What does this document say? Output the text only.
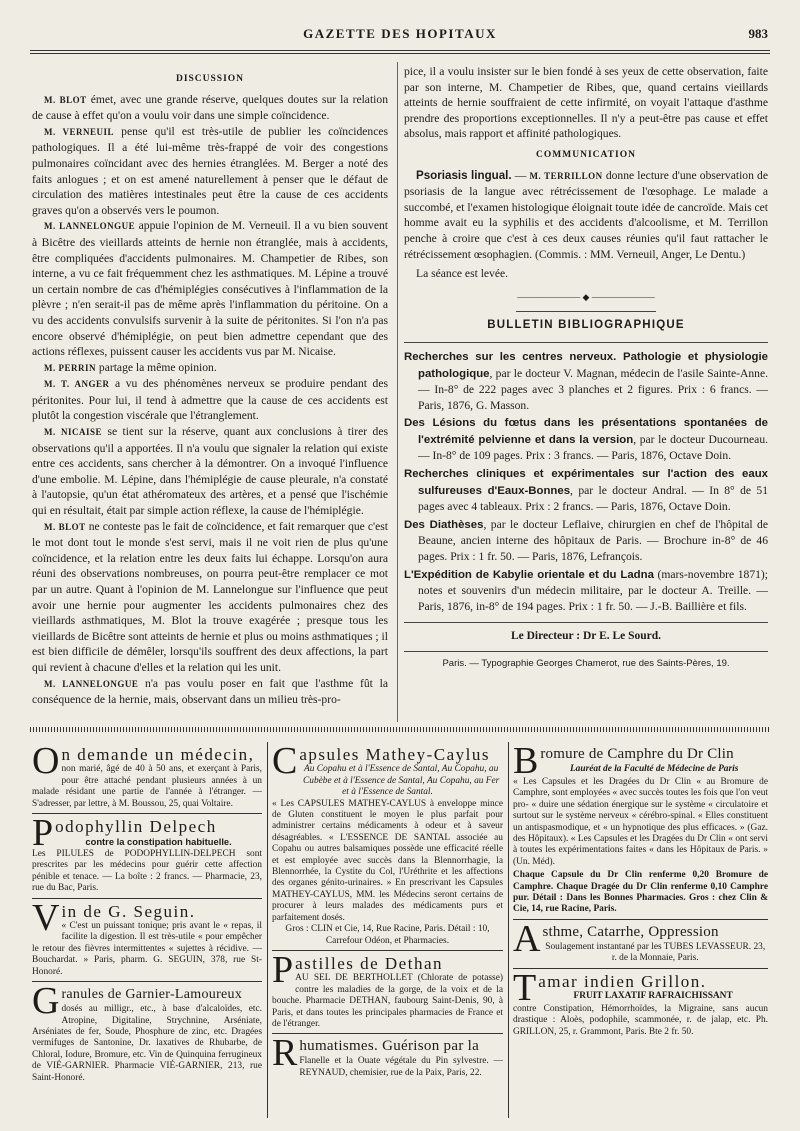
GAZETTE DES HOPITAUX	983
DISCUSSION

M. BLOT émet, avec une grande réserve, quelques doutes sur la relation de cause à effet qu'on a voulu voir dans une simple coïncidence.

M. VERNEUIL pense qu'il est très-utile de publier les coïncidences pathologiques. Il a été lui-même très-frappé de voir des congestions pulmonaires coïncidant avec des hernies étranglées. M. Berger a noté des faits anlogues ; et on est amené naturellement à penser que le défaut de circulation des matières intestinales peut être la cause de ces accidents graves qu'on a observés vers le poumon.

M. LANNELONGUE appuie l'opinion de M. Verneuil. Il a vu bien souvent à Bicêtre des vieillards atteints de hernie non étranglée, mais à accidents, être compliquées d'accidents pulmonaires. M. Champetier de Ribes, son interne, a vu ce fait fréquemment chez les asthmatiques. M. Lépine a trouvé un certain nombre de cas d'hémiplégies consécutives à l'inflammation de la plèvre ; n'en serait-il pas de même après l'inflammation du péritoine. On a vu des accidents convulsifs survenir à la suite de péritonites. Si l'on n'a pas encore observé d'hémiplégie, on peut bien admettre cependant que des actions réflexes, puissent causer les accidents vus par M. Nicaise.

M. PERRIN partage la même opinion.

M. T. ANGER a vu des phénomènes nerveux se produire pendant des péritonites. Pour lui, il tend à admettre que la cause de ces accidents est plutôt la congestion viscérale que l'étranglement.

M. NICAISE se tient sur la réserve, quant aux conclusions à tirer des observations qu'il a apportées. Il n'a voulu que signaler la relation qui existe entre ces accidents, sans chercher à la démontrer. On a invoqué l'influence d'une embolie. M. Lépine, dans l'hémiplégie de cause pleurale, n'a constaté à l'autopsie, qu'un état athéromateux des artères, et a pensé que l'ischémie qui en résultait, était par simple action réflexe, la cause de l'hémiplégie.

M. BLOT ne conteste pas le fait de coïncidence, et fait remarquer que c'est le mot dont tout le monde s'est servi, mais il ne voit rien de plus qu'une coïncidence, et la relation entre les deux faits lui échappe. Lorsqu'on aura réuni des observations nombreuses, on pourra peut-être remplacer ce mot par un autre. Quant à l'opinion de M. Lannelongue sur l'influence que peut avoir une hernie pour augmenter les accidents pulmonaires chez des vieillards asthmatiques, M. Blot la trouve exagérée ; presque tous les vieillards de Bicêtre sont atteints de hernie et plus ou moins asthmatiques ; il est bien difficile de démêler, lorsqu'ils souffrent des deux affections, la part qui revient à chacune d'elles et la relation qui les unit.

M. LANNELONGUE n'a pas voulu poser en fait que l'asthme fût la conséquence de la hernie, mais, observant dans un milieu très-pro-

pice, il a voulu insister sur le bien fondé à ses yeux de cette observation, faite par son interne, M. Champetier de Ribes, que, quand certains vieillards atteints de hernie souffraient de cette infirmité, on voyait l'attaque d'asthme prendre des proportions exceptionnelles. Il n'y a peut-être pas cause et effet absolus, mais rapport et affinité pathologiques.

COMMUNICATION

Psoriasis lingual. — M. TERRILLON donne lecture d'une observation de psoriasis de la langue avec rétrécissement de l'œsophage. Le malade a succombé, et l'examen histologique éloignait toute idée de cancroïde. Mais cet homme avait eu la syphilis et des accidents d'alcoolisme, et M. Terrillon penche à croire que c'est à ces deux causes réunies qu'il faut rattacher le rétrécissement œsophagien. (Commis. : MM. Verneuil, Anger, Le Dentu.)

La séance est levée.

——————— ◆ ———————
BULLETIN BIBLIOGRAPHIQUE

Recherches sur les centres nerveux. Pathologie et physiologie pathologique, par le docteur V. Magnan, médecin de l'asile Sainte-Anne. — In-8° de 222 pages avec 3 planches et 2 figures. Prix : 6 francs. — Paris, 1876, G. Masson.

Des Lésions du fœtus dans les présentations spontanées de l'extrémité pelvienne et dans la version, par le docteur Ducourneau. — In-8° de 109 pages. Prix : 3 francs. — Paris, 1876, Octave Doin.

Recherches cliniques et expérimentales sur l'action des eaux sulfureuses d'Eaux-Bonnes, par le docteur Andral. — In 8° de 51 pages avec 4 tableaux. Prix : 2 francs. — Paris, 1876, Octave Doin.

Des Diathèses, par le docteur Leflaive, chirurgien en chef de l'hôpital de Beaune, ancien interne des hôpitaux de Paris. — Brochure in-8° de 46 pages. Prix : 1 fr. 50. — Paris, 1876, Lefrançois.

L'Expédition de Kabylie orientale et du Ladna (mars-novembre 1871); notes et souvenirs d'un médecin militaire, par le docteur A. Treille. — Paris, 1876, in-8° de 194 pages. Prix : 1 fr. 50. — J.-B. Baillière et fils.

Le Directeur : Dr E. Le Sourd.

Paris. — Typographie Georges Chamerot, rue des Saints-Pères, 19.

On demande un médecin,
non marié, âgé de 40 à 50 ans, et exerçant à Paris, pour être attaché pendant plusieurs années à un malade résidant une partie de l'année à l'étranger. — S'adresser, par lettre, à M. Boussou, 25, quai Voltaire.
Podophyllin Delpech
contre la constipation habituelle.
Les PILULES de PODOPHYLLIN-DELPECH sont prescrites par les médecins pour guérir cette affection pénible et tenace. — La boîte : 2 francs. — Pharmacie, 23, rue du Bac, Paris.
Vin de G. Seguin.
« C'est un puissant tonique; pris avant le « repas, il facilite la digestion. Il est très-utile « pour empêcher le retour des fièvres intermittentes « sujettes à récidive. — Bouchardat. » Paris, pharm. G. SEGUIN, 378, rue St-Honoré.
Granules de Garnier-Lamoureux
dosés au milligr., etc., à base d'alcaloïdes, etc. Atropine, Digitaline, Strychnine, Arséniate, Arséniates de fer, Soude, Phosphure de zinc, etc. Dragées vermifuges de Santonine, Dr. laxatives de Rhubarbe, de Chloral, Iodure, Bromure, etc. Vin de Quinquina ferrugineux de VIÉ-GARNIER. Pharmacie VIÉ-GARNIER, 213, rue Saint-Honoré.
Capsules Mathey-Caylus
Au Copahu et à l'Essence de Santal, Au Copahu, au Cubèbe et à l'Essence de Santal, Au Copahu, au Fer et à l'Essence de Santal.
« Les CAPSULES MATHEY-CAYLUS à enveloppe mince de Gluten constituent le moyen le plus parfait pour administrer certains médicaments à odeur et à saveur désagréables. « L'ESSENCE DE SANTAL associée au Copahu ou autres balsamiques possède une efficacité réelle et est employée avec succès dans la Blennorrhagie, la Blennorrhée, la Cystite du Col, l'Uréthrite et les affections des organes génito-urinaires. » En prescrivant les Capsules MATHEY-CAYLUS, MM. les Médecins seront certains de procurer à leurs malades des médicaments purs et parfaitement dosés.
Gros : CLIN et Cie, 14, Rue Racine, Paris. Détail : 10, Carrefour Odéon, et Pharmacies.
Pastilles de Dethan
AU SEL DE BERTHOLLET (Chlorate de potasse) contre les maladies de la gorge, de la voix et de la bouche. Pharmacie DETHAN, faubourg Saint-Denis, 90, à Paris, et dans toutes les principales pharmacies de France et de l'étranger.
Rhumatismes. Guérison par la
Flanelle et la Ouate végétale du Pin sylvestre. — REYNAUD, chemisier, rue de la Paix, Paris, 22.
Bromure de Camphre du Dr Clin
Lauréat de la Faculté de Médecine de Paris
« Les Capsules et les Dragées du Dr Clin « au Bromure de Camphre, sont employées « avec succès toutes les fois que l'on veut pro- « duire une sédation énergique sur le système « circulatoire et surtout sur le système nerveux « cérébro-spinal. « Elles constituent un antispasmodique, et « un hypnotique des plus efficaces. » (Gaz. des Hôpitaux). « Les Capsules et les Dragées du Dr Clin « ont servi à toutes les expérimentations faites « dans les Hôpitaux de Paris. » (Un. Méd).
Chaque Capsule du Dr Clin renferme 0,20 Bromure de Camphre. Chaque Dragée du Dr Clin renferme 0,10 Camphre pur. Détail : Dans les Bonnes Pharmacies. Gros : chez Clin & Cie, 14, rue Racine, Paris.
Asthme, Catarrhe, Oppression
Soulagement instantané par les TUBES LEVASSEUR. 23, r. de la Monnaie, Paris.
Tamar indien Grillon.
FRUIT LAXATIF RAFRAICHISSANT
contre Constipation, Hémorrhoïdes, la Migraine, sans aucun drastique : Aloès, podophile, scammonée, r. de jalap, etc. Ph. GRILLON, 25, r. Grammont, Paris. Bte 2 fr. 50.
